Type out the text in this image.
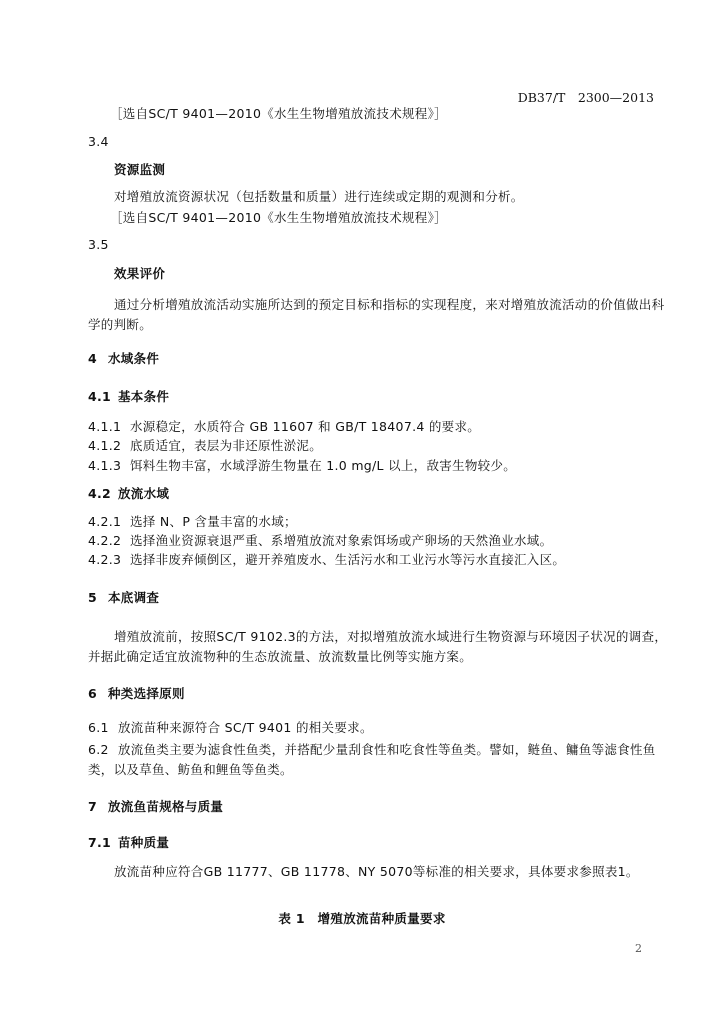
DB37/T　2300—2013
［选自SC/T 9401—2010《水生生物增殖放流技术规程》］
3.4
资源监测
对增殖放流资源状况（包括数量和质量）进行连续或定期的观测和分析。
［选自SC/T 9401—2010《水生生物增殖放流技术规程》］
3.5
效果评价
通过分析增殖放流活动实施所达到的预定目标和指标的实现程度，来对增殖放流活动的价值做出科
学的判断。
4 水域条件
4.1 基本条件
4.1.1 水源稳定，水质符合 GB 11607 和 GB/T 18407.4 的要求。
4.1.2 底质适宜，表层为非还原性淤泥。
4.1.3 饵料生物丰富，水域浮游生物量在 1.0 mg/L 以上，敌害生物较少。
4.2 放流水域
4.2.1 选择 N、P 含量丰富的水域；
4.2.2 选择渔业资源衰退严重、系增殖放流对象索饵场或产卵场的天然渔业水域。
4.2.3 选择非废弃倾倒区，避开养殖废水、生活污水和工业污水等污水直接汇入区。
5 本底调查
增殖放流前，按照SC/T 9102.3的方法，对拟增殖放流水域进行生物资源与环境因子状况的调查，
并据此确定适宜放流物种的生态放流量、放流数量比例等实施方案。
6 种类选择原则
6.1 放流苗种来源符合 SC/T 9401 的相关要求。
6.2 放流鱼类主要为滤食性鱼类，并搭配少量刮食性和吃食性等鱼类。譬如，鲢鱼、鳙鱼等滤食性鱼
类，以及草鱼、鲂鱼和鲤鱼等鱼类。
7 放流鱼苗规格与质量
7.1 苗种质量
放流苗种应符合GB 11777、GB 11778、NY 5070等标准的相关要求，具体要求参照表1。
表 1　增殖放流苗种质量要求
2
